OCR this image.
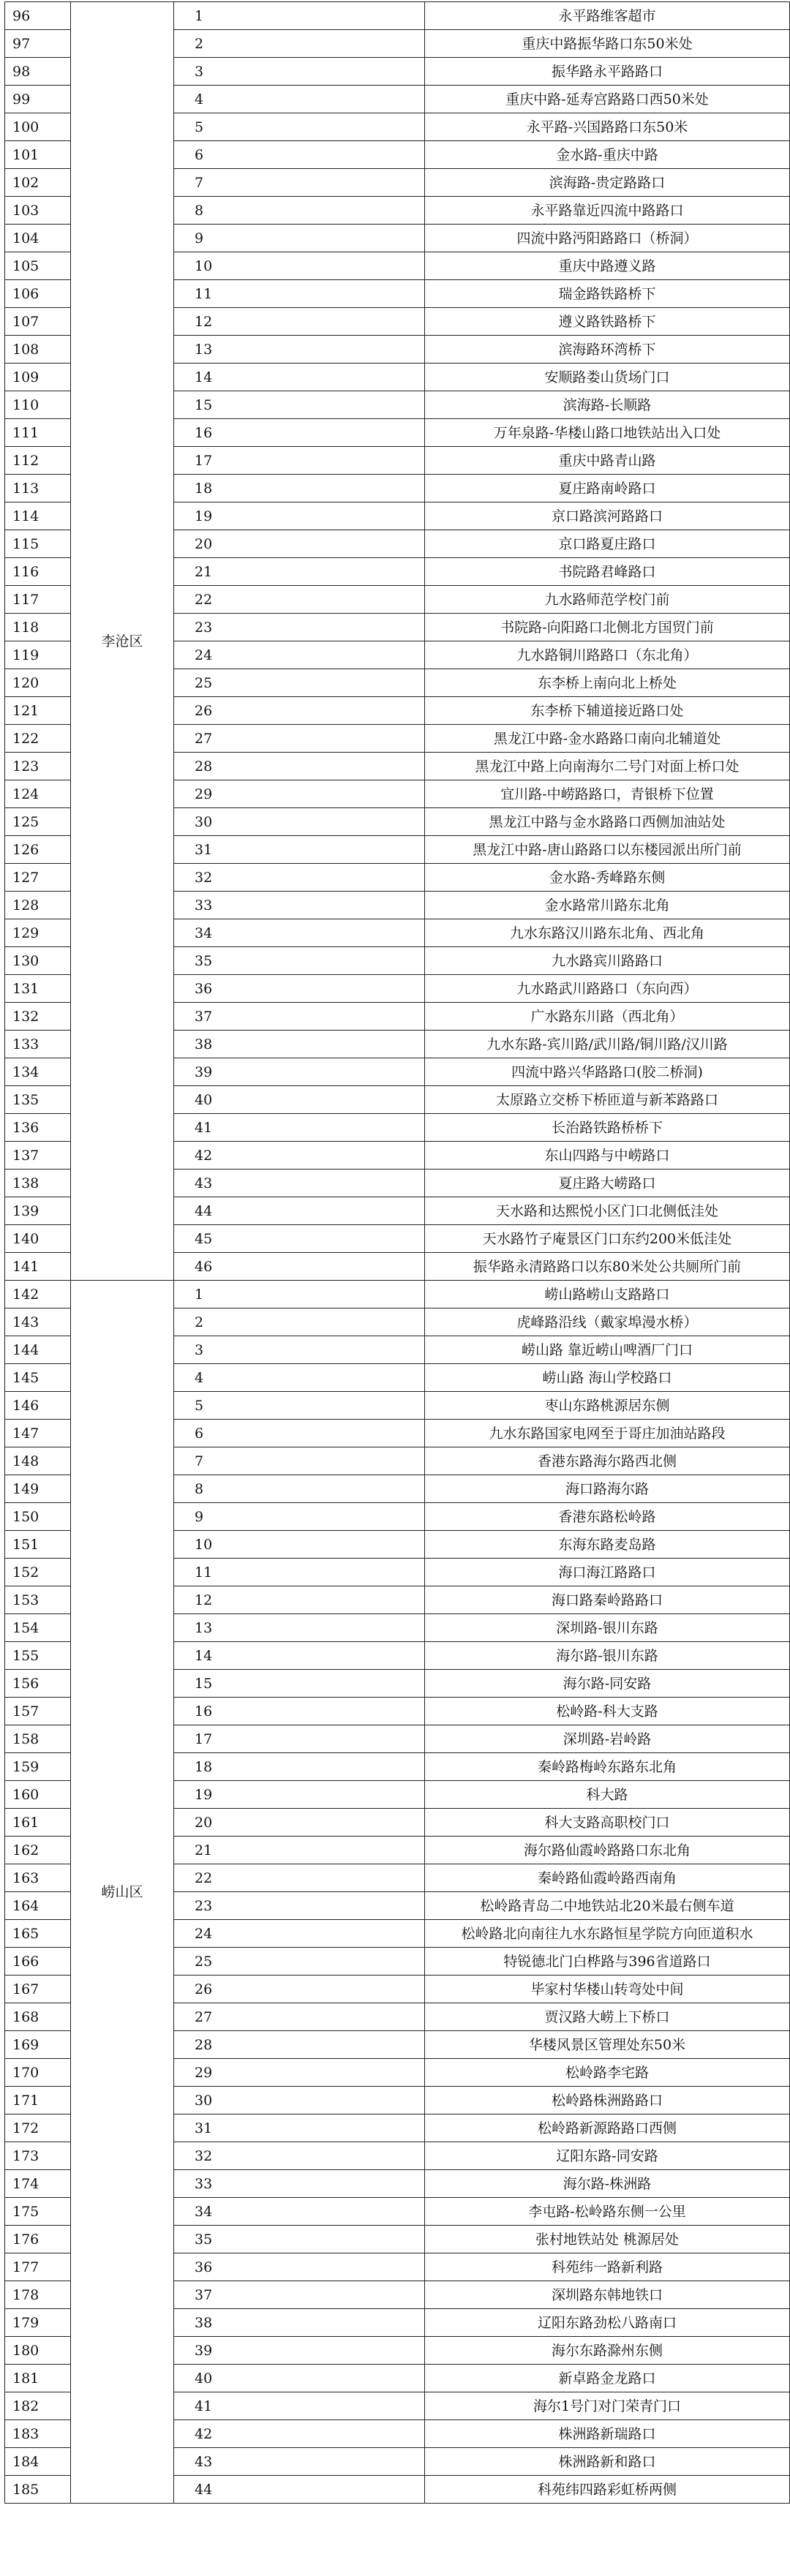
96	李沧区	1	永平路维客超市
97		2	重庆中路振华路口东50米处
98		3	振华路永平路路口
99		4	重庆中路-延寿宫路路口西50米处
100		5	永平路-兴国路路口东50米
101		6	金水路-重庆中路
102		7	滨海路-贵定路路口
103		8	永平路靠近四流中路路口
104		9	四流中路沔阳路路口（桥洞）
105		10	重庆中路遵义路
106		11	瑞金路铁路桥下
107		12	遵义路铁路桥下
108		13	滨海路环湾桥下
109		14	安顺路娄山货场门口
110		15	滨海路-长顺路
111		16	万年泉路-华楼山路口地铁站出入口处
112		17	重庆中路青山路
113		18	夏庄路南岭路口
114		19	京口路滨河路路口
115		20	京口路夏庄路口
116		21	书院路君峰路口
117		22	九水路师范学校门前
118		23	书院路-向阳路口北侧北方国贸门前
119		24	九水路铜川路路口（东北角）
120		25	东李桥上南向北上桥处
121		26	东李桥下辅道接近路口处
122		27	黑龙江中路-金水路路口南向北辅道处
123		28	黑龙江中路上向南海尔二号门对面上桥口处
124		29	宜川路-中崂路路口，青银桥下位置
125		30	黑龙江中路与金水路路口西侧加油站处
126		31	黑龙江中路-唐山路路口以东楼园派出所门前
127		32	金水路-秀峰路东侧
128		33	金水路常川路东北角
129		34	九水东路汉川路东北角、西北角
130		35	九水路宾川路路口
131		36	九水路武川路路口（东向西）
132		37	广水路东川路（西北角）
133		38	九水东路-宾川路/武川路/铜川路/汉川路
134		39	四流中路兴华路路口(胶二桥洞)
135		40	太原路立交桥下桥匝道与新苯路路口
136		41	长治路铁路桥桥下
137		42	东山四路与中崂路口
138		43	夏庄路大崂路口
139		44	天水路和达熙悦小区门口北侧低洼处
140		45	天水路竹子庵景区门口东约200米低洼处
141		46	振华路永清路路口以东80米处公共厕所门前
142	崂山区	1	崂山路崂山支路路口
143		2	虎峰路沿线（戴家埠漫水桥）
144		3	崂山路 靠近崂山啤酒厂门口
145		4	崂山路 海山学校路口
146		5	枣山东路桃源居东侧
147		6	九水东路国家电网至于哥庄加油站路段
148		7	香港东路海尔路西北侧
149		8	海口路海尔路
150		9	香港东路松岭路
151		10	东海东路麦岛路
152		11	海口海江路路口
153		12	海口路秦岭路路口
154		13	深圳路-银川东路
155		14	海尔路-银川东路
156		15	海尔路-同安路
157		16	松岭路-科大支路
158		17	深圳路-岩岭路
159		18	秦岭路梅岭东路东北角
160		19	科大路
161		20	科大支路高职校门口
162		21	海尔路仙霞岭路路口东北角
163		22	秦岭路仙霞岭路西南角
164		23	松岭路青岛二中地铁站北20米最右侧车道
165		24	松岭路北向南往九水东路恒星学院方向匝道积水
166		25	特锐德北门白桦路与396省道路口
167		26	毕家村华楼山转弯处中间
168		27	贾汉路大崂上下桥口
169		28	华楼风景区管理处东50米
170		29	松岭路李宅路
171		30	松岭路株洲路路口
172		31	松岭路新源路路口西侧
173		32	辽阳东路-同安路
174		33	海尔路-株洲路
175		34	李屯路-松岭路东侧一公里
176		35	张村地铁站处 桃源居处
177		36	科苑纬一路新利路
178		37	深圳路东韩地铁口
179		38	辽阳东路劲松八路南口
180		39	海尔东路滁州东侧
181		40	新卓路金龙路口
182		41	海尔1号门对门荣青门口
183		42	株洲路新瑞路口
184		43	株洲路新和路口
185		44	科苑纬四路彩虹桥两侧
